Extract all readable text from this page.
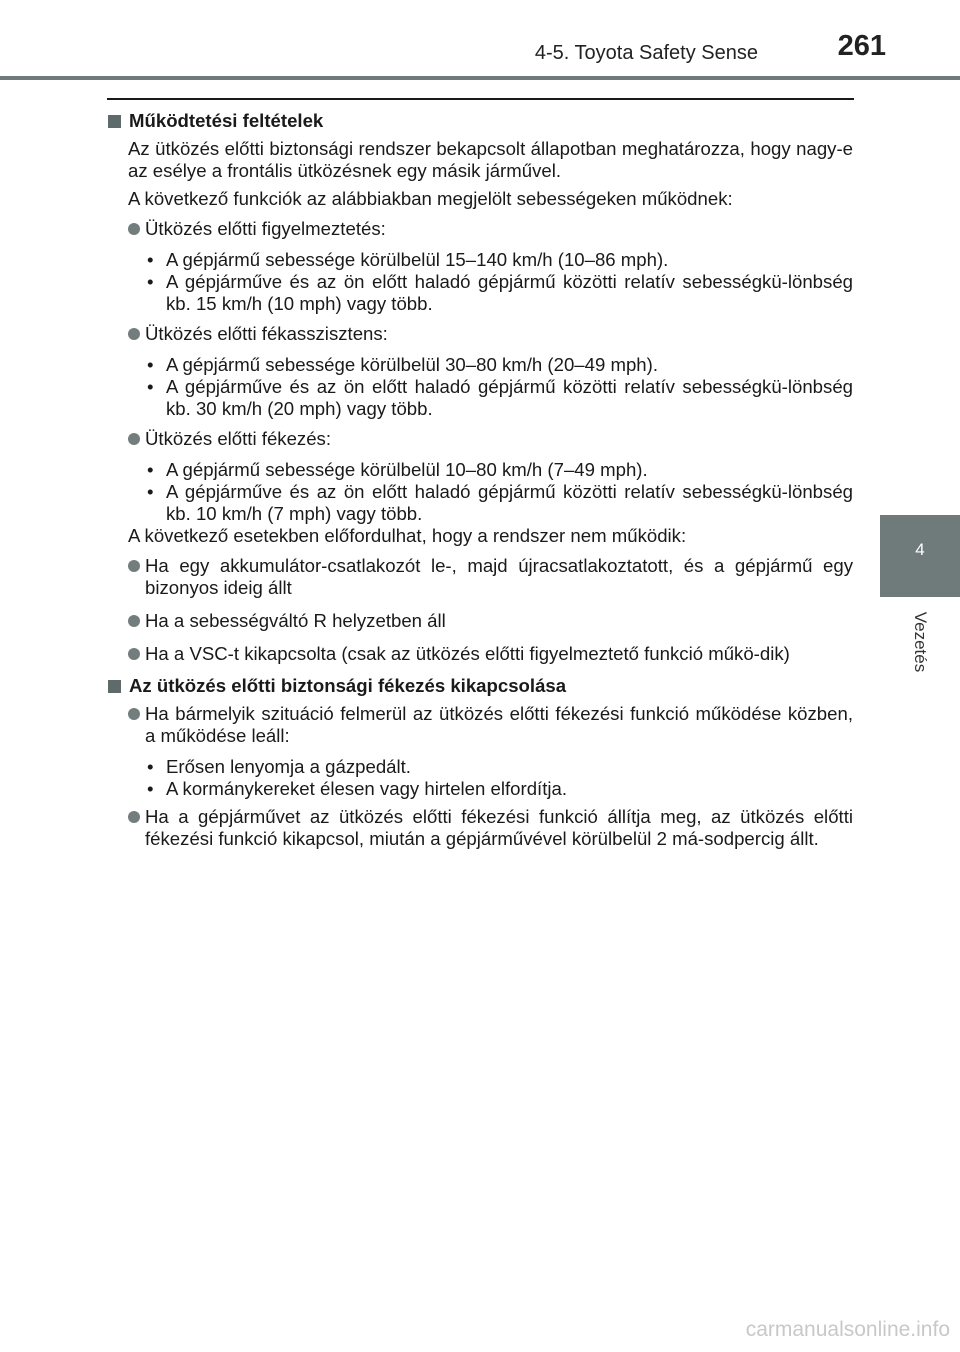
4-5. Toyota Safety Sense	261
4
Vezetés
Működtetési feltételek

Az ütközés előtti biztonsági rendszer bekapcsolt állapotban meghatározza, hogy nagy-e az esélye a frontális ütközésnek egy másik járművel.

A következő funkciók az alábbiakban megjelölt sebességeken működnek:

Ütközés előtti figyelmeztetés:
• A gépjármű sebessége körülbelül 15–140 km/h (10–86 mph).
• A gépjárműve és az ön előtt haladó gépjármű közötti relatív sebességkü-lönbség kb. 15 km/h (10 mph) vagy több.
Ütközés előtti fékasszisztens:
• A gépjármű sebessége körülbelül 30–80 km/h (20–49 mph).
• A gépjárműve és az ön előtt haladó gépjármű közötti relatív sebességkü-lönbség kb. 30 km/h (20 mph) vagy több.
Ütközés előtti fékezés:
• A gépjármű sebessége körülbelül 10–80 km/h (7–49 mph).
• A gépjárműve és az ön előtt haladó gépjármű közötti relatív sebességkü-lönbség kb. 10 km/h (7 mph) vagy több.

A következő esetekben előfordulhat, hogy a rendszer nem működik:

Ha egy akkumulátor-csatlakozót le-, majd újracsatlakoztatott, és a gépjármű egy bizonyos ideig állt
Ha a sebességváltó R helyzetben áll
Ha a VSC-t kikapcsolta (csak az ütközés előtti figyelmeztető funkció műkö-dik)
Az ütközés előtti biztonsági fékezés kikapcsolása
Ha bármelyik szituáció felmerül az ütközés előtti fékezési funkció működése közben, a működése leáll:
• Erősen lenyomja a gázpedált.
• A kormánykereket élesen vagy hirtelen elfordítja.
Ha a gépjárművet az ütközés előtti fékezési funkció állítja meg, az ütközés előtti fékezési funkció kikapcsol, miután a gépjárművével körülbelül 2 má-sodpercig állt.
carmanualsonline.info
